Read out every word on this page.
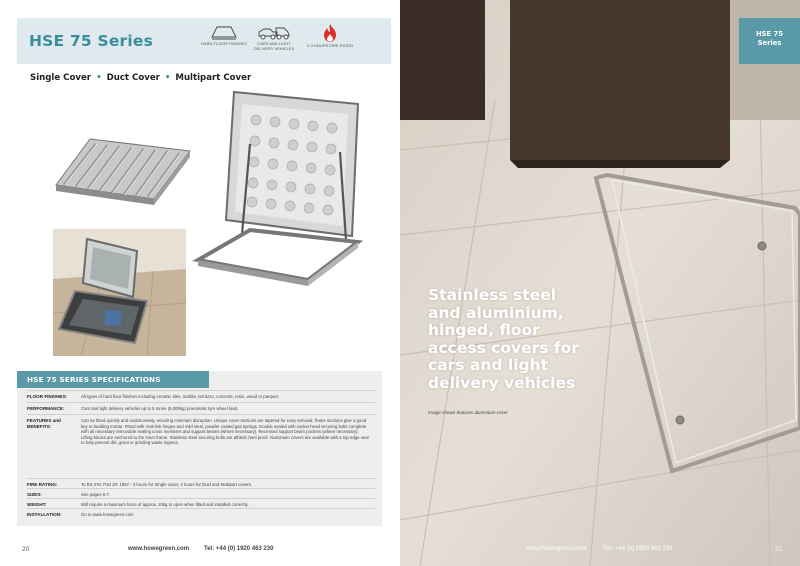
HSE 75 Series	HARD FLOOR FINISHES	CARS AND LIGHT DELIVERY VEHICLES
2-3 HOURS FIRE RATED
Single Cover • Duct Cover • Multipart Cover
HSE 75 SERIES SPECIFICATIONS
FLOOR FINISHES:	All types of hard floor finishes including ceramic tiles, marble, terrazzo, concrete, resin, wood or parquet.
PERFORMANCE:	Cars and light delivery vehicles up to 5 tonne (5,000kg) pneumatic tyre wheel load.
FEATURES and BENEFITS:
Can be fitted quickly and unobtrusively, ensuring minimum disruption. Unique cover sections are tapered for easy removal, frame sections give a good key to bedding mortar. Fitted with mult-link hinges and mild steel, powder coated gas springs. Double sealed with socket head securing bolts complete with all necessary removable sealing cross members and support beams (where necessary). Recessed support beam pockets (where necessary). Lifting blocks are anchored to the inner frame. Stainless steel securing bolts are athletic heel proof. Aluminium covers are available with a top edge seal to help prevent dirt, grout or grinding waste ingress.
FIRE RATING:	To BS 476: Part 20: 1987 - 3 hours for Single cover, 2 hours for Duct and Multipart covers.
SIZES:	See pages 6-7.
WEIGHT:	Will require a maximum force of approx. 20kg to open when fitted and installed correctly.
INSTALLATION:	Go to www.howegreen.com
20	www.howegreen.com Tel: +44 (0) 1920 463 230
HSE 75
Series
Stainless steel
and aluminium,
hinged, floor
access covers for
cars and light
delivery vehicles
Image shown features aluminium cover
www.howegreen.com	Tel: +44 (0) 1920 463 230	21
